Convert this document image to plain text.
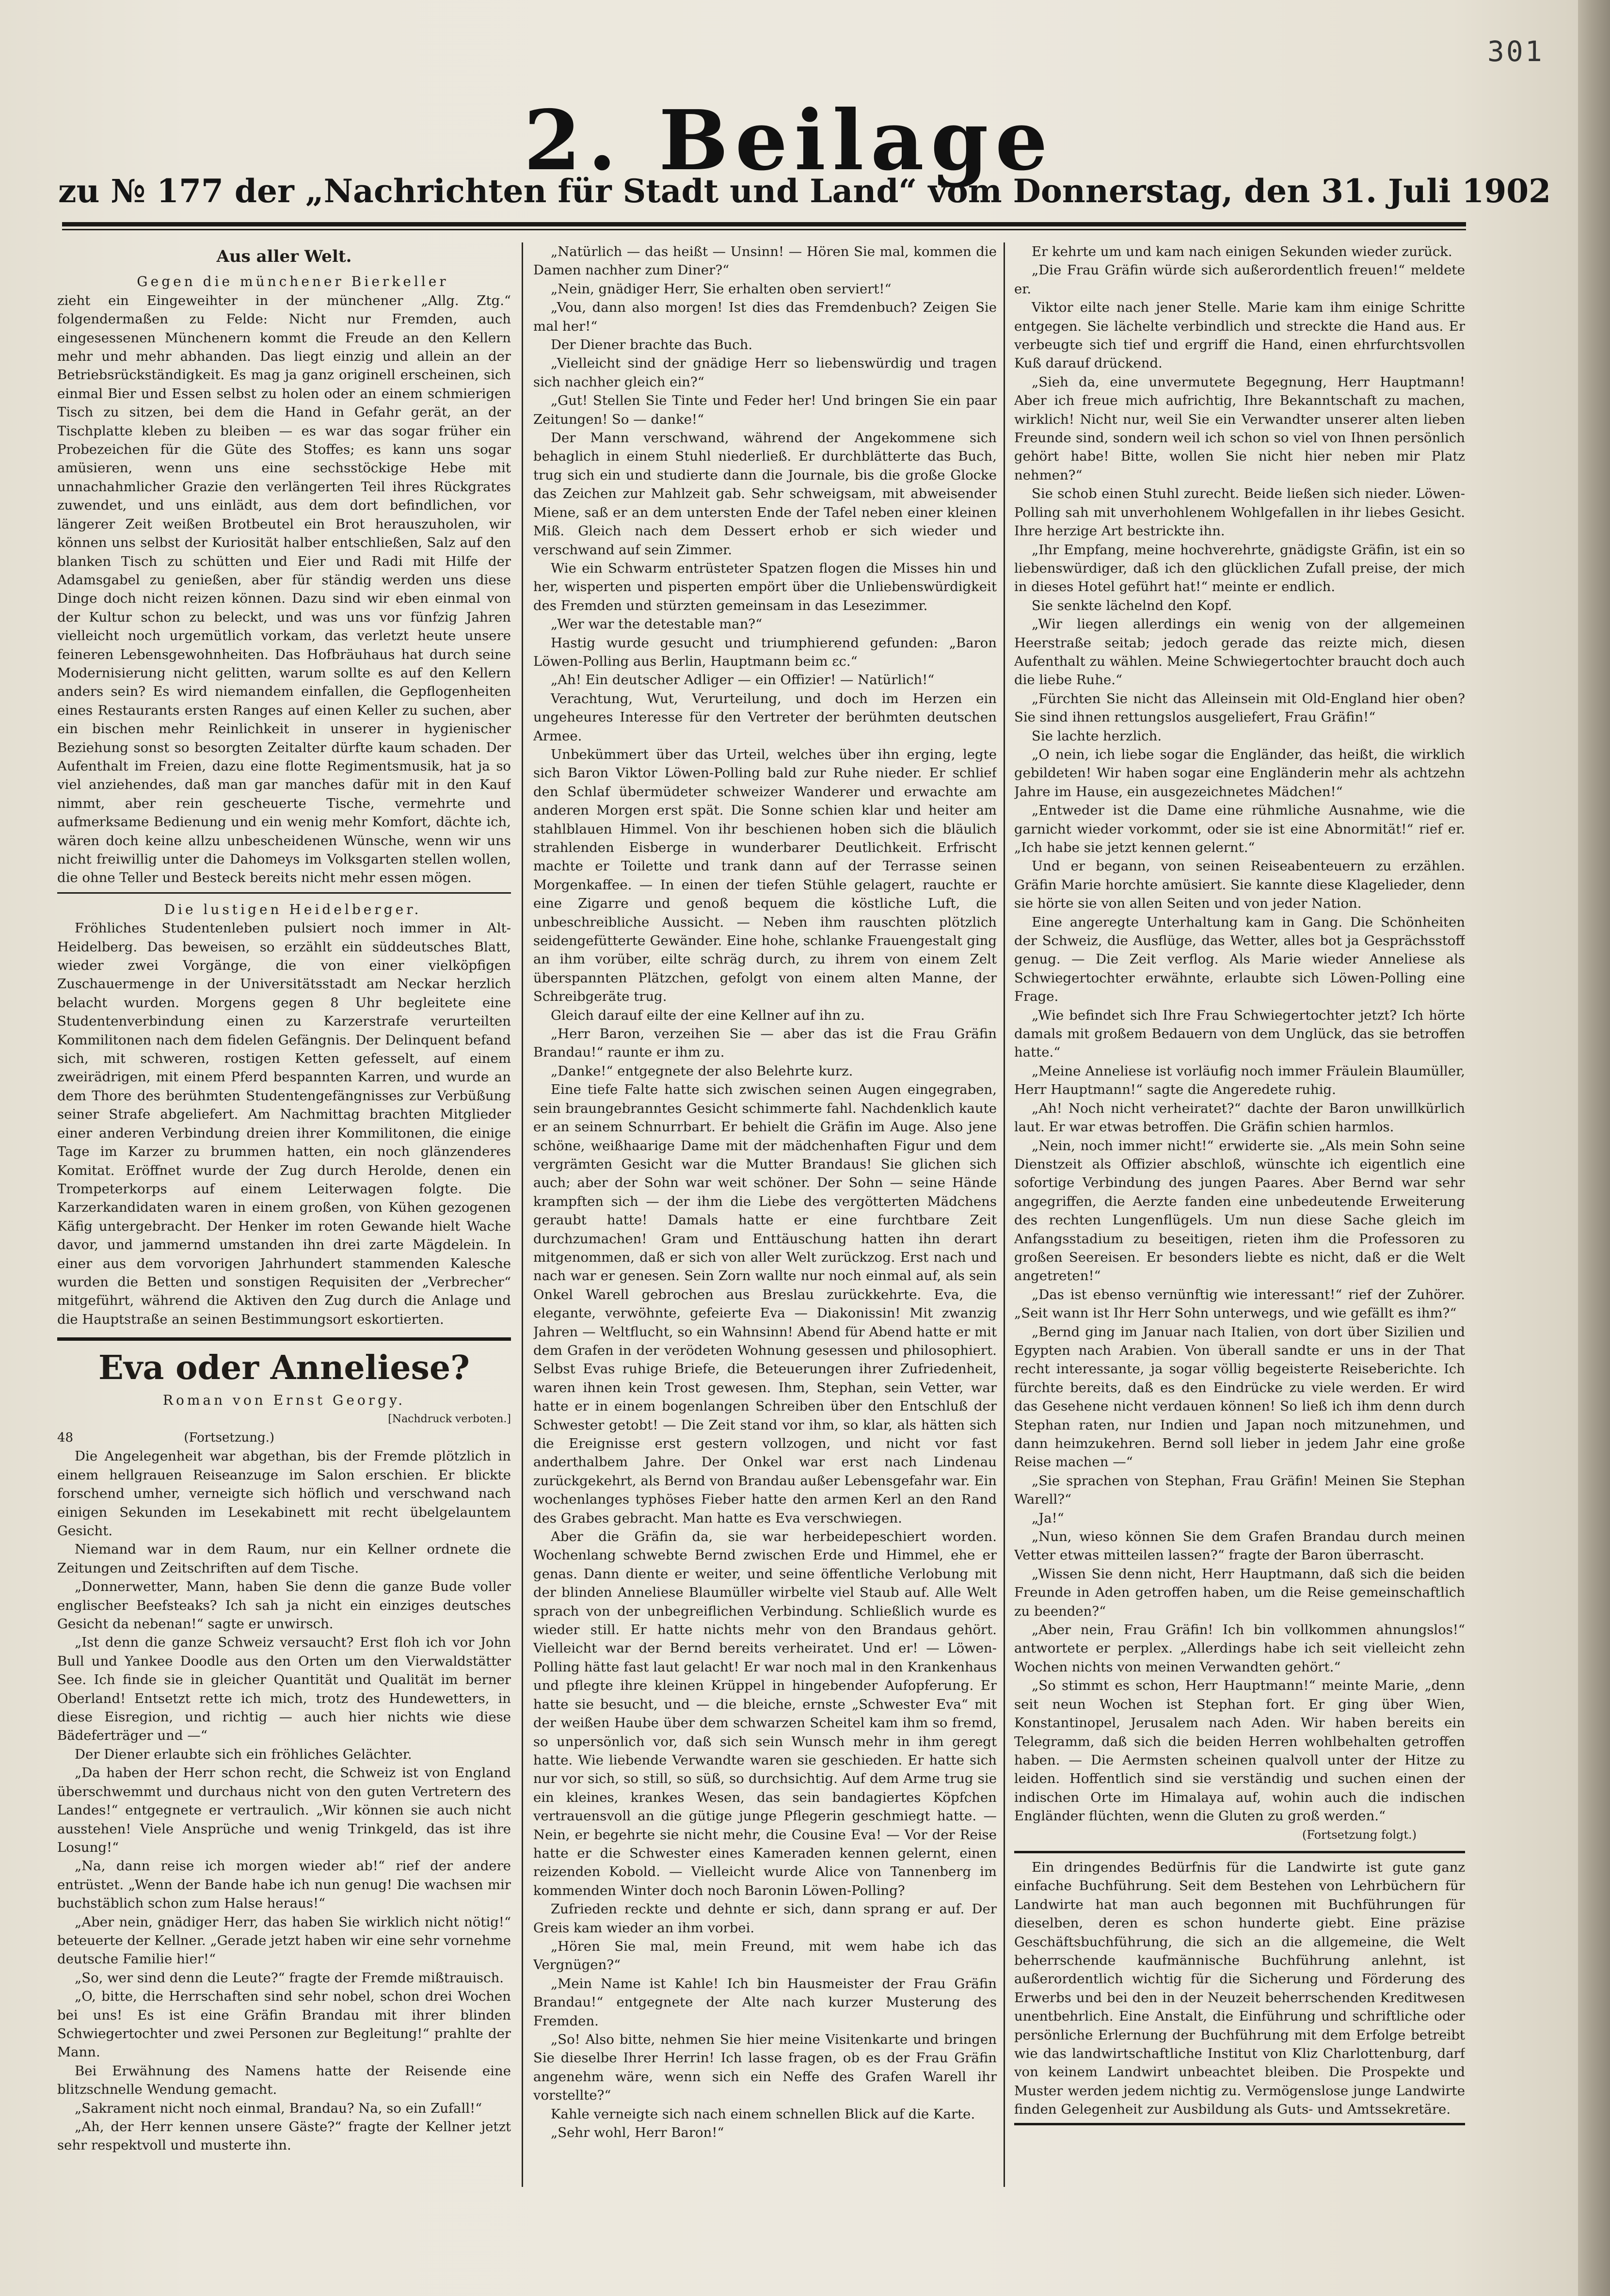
301
2. Beilage
zu № 177 der „Nachrichten für Stadt und Land“ vom Donnerstag, den 31. Juli 1902
Aus aller Welt.

Gegen die münchener Bierkeller

zieht ein Eingeweihter in der münchener „Allg. Ztg.“ folgendermaßen zu Felde: Nicht nur Fremden, auch eingesessenen Münchenern kommt die Freude an den Kellern mehr und mehr abhanden. Das liegt einzig und allein an der Betriebsrückständigkeit. Es mag ja ganz originell erscheinen, sich einmal Bier und Essen selbst zu holen oder an einem schmierigen Tisch zu sitzen, bei dem die Hand in Gefahr gerät, an der Tischplatte kleben zu bleiben — es war das sogar früher ein Probezeichen für die Güte des Stoffes; es kann uns sogar amüsieren, wenn uns eine sechsstöckige Hebe mit unnachahmlicher Grazie den verlängerten Teil ihres Rückgrates zuwendet, und uns einlädt, aus dem dort befindlichen, vor längerer Zeit weißen Brotbeutel ein Brot herauszuholen, wir können uns selbst der Kuriosität halber entschließen, Salz auf den blanken Tisch zu schütten und Eier und Radi mit Hilfe der Adamsgabel zu genießen, aber für ständig werden uns diese Dinge doch nicht reizen können. Dazu sind wir eben einmal von der Kultur schon zu beleckt, und was uns vor fünfzig Jahren vielleicht noch urgemütlich vorkam, das verletzt heute unsere feineren Lebensgewohnheiten. Das Hofbräuhaus hat durch seine Modernisierung nicht gelitten, warum sollte es auf den Kellern anders sein? Es wird niemandem einfallen, die Gepflogenheiten eines Restaurants ersten Ranges auf einen Keller zu suchen, aber ein bischen mehr Reinlichkeit in unserer in hygienischer Beziehung sonst so besorgten Zeitalter dürfte kaum schaden. Der Aufenthalt im Freien, dazu eine flotte Regimentsmusik, hat ja so viel anziehendes, daß man gar manches dafür mit in den Kauf nimmt, aber rein gescheuerte Tische, vermehrte und aufmerksame Bedienung und ein wenig mehr Komfort, dächte ich, wären doch keine allzu unbescheidenen Wünsche, wenn wir uns nicht freiwillig unter die Dahomeys im Volksgarten stellen wollen, die ohne Teller und Besteck bereits nicht mehr essen mögen.

Die lustigen Heidelberger.

Fröhliches Studentenleben pulsiert noch immer in Alt-Heidelberg. Das beweisen, so erzählt ein süddeutsches Blatt, wieder zwei Vorgänge, die von einer vielköpfigen Zuschauermenge in der Universitätsstadt am Neckar herzlich belacht wurden. Morgens gegen 8 Uhr begleitete eine Studentenverbindung einen zu Karzerstrafe verurteilten Kommilitonen nach dem fidelen Gefängnis. Der Delinquent befand sich, mit schweren, rostigen Ketten gefesselt, auf einem zweirädrigen, mit einem Pferd bespannten Karren, und wurde an dem Thore des berühmten Studentengefängnisses zur Verbüßung seiner Strafe abgeliefert. Am Nachmittag brachten Mitglieder einer anderen Verbindung dreien ihrer Kommilitonen, die einige Tage im Karzer zu brummen hatten, ein noch glänzenderes Komitat. Eröffnet wurde der Zug durch Herolde, denen ein Trompeterkorps auf einem Leiterwagen folgte. Die Karzerkandidaten waren in einem großen, von Kühen gezogenen Käfig untergebracht. Der Henker im roten Gewande hielt Wache davor, und jammernd umstanden ihn drei zarte Mägdelein. In einer aus dem vorvorigen Jahrhundert stammenden Kalesche wurden die Betten und sonstigen Requisiten der „Verbrecher“ mitgeführt, während die Aktiven den Zug durch die Anlage und die Hauptstraße an seinen Bestimmungsort eskortierten.

Eva oder Anneliese?
Roman von Ernst Georgy.
[Nachdruck verboten.]
48	(Fortsetzung.)

Die Angelegenheit war abgethan, bis der Fremde plötzlich in einem hellgrauen Reiseanzuge im Salon erschien. Er blickte forschend umher, verneigte sich höflich und verschwand nach einigen Sekunden im Lesekabinett mit recht übelgelauntem Gesicht.

Niemand war in dem Raum, nur ein Kellner ordnete die Zeitungen und Zeitschriften auf dem Tische.

„Donnerwetter, Mann, haben Sie denn die ganze Bude voller englischer Beefsteaks? Ich sah ja nicht ein einziges deutsches Gesicht da nebenan!“ sagte er unwirsch.

„Ist denn die ganze Schweiz versaucht? Erst floh ich vor John Bull und Yankee Doodle aus den Orten um den Vierwaldstätter See. Ich finde sie in gleicher Quantität und Qualität im berner Oberland! Entsetzt rette ich mich, trotz des Hundewetters, in diese Eisregion, und richtig — auch hier nichts wie diese Bädeferträger und —“

Der Diener erlaubte sich ein fröhliches Gelächter.

„Da haben der Herr schon recht, die Schweiz ist von England überschwemmt und durchaus nicht von den guten Vertretern des Landes!“ entgegnete er vertraulich. „Wir können sie auch nicht ausstehen! Viele Ansprüche und wenig Trinkgeld, das ist ihre Losung!“

„Na, dann reise ich morgen wieder ab!“ rief der andere entrüstet. „Wenn der Bande habe ich nun genug! Die wachsen mir buchstäblich schon zum Halse heraus!“

„Aber nein, gnädiger Herr, das haben Sie wirklich nicht nötig!“ beteuerte der Kellner. „Gerade jetzt haben wir eine sehr vornehme deutsche Familie hier!“

„So, wer sind denn die Leute?“ fragte der Fremde mißtrauisch.

„O, bitte, die Herrschaften sind sehr nobel, schon drei Wochen bei uns! Es ist eine Gräfin Brandau mit ihrer blinden Schwiegertochter und zwei Personen zur Begleitung!“ prahlte der Mann.

Bei Erwähnung des Namens hatte der Reisende eine blitzschnelle Wendung gemacht.

„Sakrament nicht noch einmal, Brandau? Na, so ein Zufall!“

„Ah, der Herr kennen unsere Gäste?“ fragte der Kellner jetzt sehr respektvoll und musterte ihn.

„Natürlich — das heißt — Unsinn! — Hören Sie mal, kommen die Damen nachher zum Diner?“

„Nein, gnädiger Herr, Sie erhalten oben serviert!“

„Vou, dann also morgen! Ist dies das Fremdenbuch? Zeigen Sie mal her!“

Der Diener brachte das Buch.

„Vielleicht sind der gnädige Herr so liebenswürdig und tragen sich nachher gleich ein?“

„Gut! Stellen Sie Tinte und Feder her! Und bringen Sie ein paar Zeitungen! So — danke!“

Der Mann verschwand, während der Angekommene sich behaglich in einem Stuhl niederließ. Er durchblätterte das Buch, trug sich ein und studierte dann die Journale, bis die große Glocke das Zeichen zur Mahlzeit gab. Sehr schweigsam, mit abweisender Miene, saß er an dem untersten Ende der Tafel neben einer kleinen Miß. Gleich nach dem Dessert erhob er sich wieder und verschwand auf sein Zimmer.

Wie ein Schwarm entrüsteter Spatzen flogen die Misses hin und her, wisperten und pisperten empört über die Unliebenswürdigkeit des Fremden und stürzten gemeinsam in das Lesezimmer.

„Wer war the detestable man?“

Hastig wurde gesucht und triumphierend gefunden: „Baron Löwen-Polling aus Berlin, Hauptmann beim ɛc.“

„Ah! Ein deutscher Adliger — ein Offizier! — Natürlich!“

Verachtung, Wut, Verurteilung, und doch im Herzen ein ungeheures Interesse für den Vertreter der berühmten deutschen Armee.

Unbekümmert über das Urteil, welches über ihn erging, legte sich Baron Viktor Löwen-Polling bald zur Ruhe nieder. Er schlief den Schlaf übermüdeter schweizer Wanderer und erwachte am anderen Morgen erst spät. Die Sonne schien klar und heiter am stahlblauen Himmel. Von ihr beschienen hoben sich die bläulich strahlenden Eisberge in wunderbarer Deutlichkeit. Erfrischt machte er Toilette und trank dann auf der Terrasse seinen Morgenkaffee. — In einen der tiefen Stühle gelagert, rauchte er eine Zigarre und genoß bequem die köstliche Luft, die unbeschreibliche Aussicht. — Neben ihm rauschten plötzlich seidengefütterte Gewänder. Eine hohe, schlanke Frauengestalt ging an ihm vorüber, eilte schräg durch, zu ihrem von einem Zelt überspannten Plätzchen, gefolgt von einem alten Manne, der Schreibgeräte trug.

Gleich darauf eilte der eine Kellner auf ihn zu.

„Herr Baron, verzeihen Sie — aber das ist die Frau Gräfin Brandau!“ raunte er ihm zu.

„Danke!“ entgegnete der also Belehrte kurz.

Eine tiefe Falte hatte sich zwischen seinen Augen eingegraben, sein braungebranntes Gesicht schimmerte fahl. Nachdenklich kaute er an seinem Schnurrbart. Er behielt die Gräfin im Auge. Also jene schöne, weißhaarige Dame mit der mädchenhaften Figur und dem vergrämten Gesicht war die Mutter Brandaus! Sie glichen sich auch; aber der Sohn war weit schöner. Der Sohn — seine Hände krampften sich — der ihm die Liebe des vergötterten Mädchens geraubt hatte! Damals hatte er eine furchtbare Zeit durchzumachen! Gram und Enttäuschung hatten ihn derart mitgenommen, daß er sich von aller Welt zurückzog. Erst nach und nach war er genesen. Sein Zorn wallte nur noch einmal auf, als sein Onkel Warell gebrochen aus Breslau zurückkehrte. Eva, die elegante, verwöhnte, gefeierte Eva — Diakonissin! Mit zwanzig Jahren — Weltflucht, so ein Wahnsinn! Abend für Abend hatte er mit dem Grafen in der verödeten Wohnung gesessen und philosophiert. Selbst Evas ruhige Briefe, die Beteuerungen ihrer Zufriedenheit, waren ihnen kein Trost gewesen. Ihm, Stephan, sein Vetter, war hatte er in einem bogenlangen Schreiben über den Entschluß der Schwester getobt! — Die Zeit stand vor ihm, so klar, als hätten sich die Ereignisse erst gestern vollzogen, und nicht vor fast anderthalbem Jahre. Der Onkel war erst nach Lindenau zurückgekehrt, als Bernd von Brandau außer Lebensgefahr war. Ein wochenlanges typhöses Fieber hatte den armen Kerl an den Rand des Grabes gebracht. Man hatte es Eva verschwiegen.

Aber die Gräfin da, sie war herbeidepeschiert worden. Wochenlang schwebte Bernd zwischen Erde und Himmel, ehe er genas. Dann diente er weiter, und seine öffentliche Verlobung mit der blinden Anneliese Blaumüller wirbelte viel Staub auf. Alle Welt sprach von der unbegreiflichen Verbindung. Schließlich wurde es wieder still. Er hatte nichts mehr von den Brandaus gehört. Vielleicht war der Bernd bereits verheiratet. Und er! — Löwen-Polling hätte fast laut gelacht! Er war noch mal in den Krankenhaus und pflegte ihre kleinen Krüppel in hingebender Aufopferung. Er hatte sie besucht, und — die bleiche, ernste „Schwester Eva“ mit der weißen Haube über dem schwarzen Scheitel kam ihm so fremd, so unpersönlich vor, daß sich sein Wunsch mehr in ihm geregt hatte. Wie liebende Verwandte waren sie geschieden. Er hatte sich nur vor sich, so still, so süß, so durchsichtig. Auf dem Arme trug sie ein kleines, krankes Wesen, das sein bandagiertes Köpfchen vertrauensvoll an die gütige junge Pflegerin geschmiegt hatte. — Nein, er begehrte sie nicht mehr, die Cousine Eva! — Vor der Reise hatte er die Schwester eines Kameraden kennen gelernt, einen reizenden Kobold. — Vielleicht wurde Alice von Tannenberg im kommenden Winter doch noch Baronin Löwen-Polling?

Zufrieden reckte und dehnte er sich, dann sprang er auf. Der Greis kam wieder an ihm vorbei.

„Hören Sie mal, mein Freund, mit wem habe ich das Vergnügen?“

„Mein Name ist Kahle! Ich bin Hausmeister der Frau Gräfin Brandau!“ entgegnete der Alte nach kurzer Musterung des Fremden.

„So! Also bitte, nehmen Sie hier meine Visitenkarte und bringen Sie dieselbe Ihrer Herrin! Ich lasse fragen, ob es der Frau Gräfin angenehm wäre, wenn sich ein Neffe des Grafen Warell ihr vorstellte?“

Kahle verneigte sich nach einem schnellen Blick auf die Karte.

„Sehr wohl, Herr Baron!“

Er kehrte um und kam nach einigen Sekunden wieder zurück.

„Die Frau Gräfin würde sich außerordentlich freuen!“ meldete er.

Viktor eilte nach jener Stelle. Marie kam ihm einige Schritte entgegen. Sie lächelte verbindlich und streckte die Hand aus. Er verbeugte sich tief und ergriff die Hand, einen ehrfurchtsvollen Kuß darauf drückend.

„Sieh da, eine unvermutete Begegnung, Herr Hauptmann! Aber ich freue mich aufrichtig, Ihre Bekanntschaft zu machen, wirklich! Nicht nur, weil Sie ein Verwandter unserer alten lieben Freunde sind, sondern weil ich schon so viel von Ihnen persönlich gehört habe! Bitte, wollen Sie nicht hier neben mir Platz nehmen?“

Sie schob einen Stuhl zurecht. Beide ließen sich nieder. Löwen-Polling sah mit unverhohlenem Wohlgefallen in ihr liebes Gesicht. Ihre herzige Art bestrickte ihn.

„Ihr Empfang, meine hochverehrte, gnädigste Gräfin, ist ein so liebenswürdiger, daß ich den glücklichen Zufall preise, der mich in dieses Hotel geführt hat!“ meinte er endlich.

Sie senkte lächelnd den Kopf.

„Wir liegen allerdings ein wenig von der allgemeinen Heerstraße seitab; jedoch gerade das reizte mich, diesen Aufenthalt zu wählen. Meine Schwiegertochter braucht doch auch die liebe Ruhe.“

„Fürchten Sie nicht das Alleinsein mit Old-England hier oben? Sie sind ihnen rettungslos ausgeliefert, Frau Gräfin!“

Sie lachte herzlich.

„O nein, ich liebe sogar die Engländer, das heißt, die wirklich gebildeten! Wir haben sogar eine Engländerin mehr als achtzehn Jahre im Hause, ein ausgezeichnetes Mädchen!“

„Entweder ist die Dame eine rühmliche Ausnahme, wie die garnicht wieder vorkommt, oder sie ist eine Abnormität!“ rief er. „Ich habe sie jetzt kennen gelernt.“

Und er begann, von seinen Reiseabenteuern zu erzählen. Gräfin Marie horchte amüsiert. Sie kannte diese Klagelieder, denn sie hörte sie von allen Seiten und von jeder Nation.

Eine angeregte Unterhaltung kam in Gang. Die Schönheiten der Schweiz, die Ausflüge, das Wetter, alles bot ja Gesprächsstoff genug. — Die Zeit verflog. Als Marie wieder Anneliese als Schwiegertochter erwähnte, erlaubte sich Löwen-Polling eine Frage.

„Wie befindet sich Ihre Frau Schwiegertochter jetzt? Ich hörte damals mit großem Bedauern von dem Unglück, das sie betroffen hatte.“

„Meine Anneliese ist vorläufig noch immer Fräulein Blaumüller, Herr Hauptmann!“ sagte die Angeredete ruhig.

„Ah! Noch nicht verheiratet?“ dachte der Baron unwillkürlich laut. Er war etwas betroffen. Die Gräfin schien harmlos.

„Nein, noch immer nicht!“ erwiderte sie. „Als mein Sohn seine Dienstzeit als Offizier abschloß, wünschte ich eigentlich eine sofortige Verbindung des jungen Paares. Aber Bernd war sehr angegriffen, die Aerzte fanden eine unbedeutende Erweiterung des rechten Lungenflügels. Um nun diese Sache gleich im Anfangsstadium zu beseitigen, rieten ihm die Professoren zu großen Seereisen. Er besonders liebte es nicht, daß er die Welt angetreten!“

„Das ist ebenso vernünftig wie interessant!“ rief der Zuhörer. „Seit wann ist Ihr Herr Sohn unterwegs, und wie gefällt es ihm?“

„Bernd ging im Januar nach Italien, von dort über Sizilien und Egypten nach Arabien. Von überall sandte er uns in der That recht interessante, ja sogar völlig begeisterte Reiseberichte. Ich fürchte bereits, daß es den Eindrücke zu viele werden. Er wird das Gesehene nicht verdauen können! So ließ ich ihm denn durch Stephan raten, nur Indien und Japan noch mitzunehmen, und dann heimzukehren. Bernd soll lieber in jedem Jahr eine große Reise machen —“

„Sie sprachen von Stephan, Frau Gräfin! Meinen Sie Stephan Warell?“

„Ja!“

„Nun, wieso können Sie dem Grafen Brandau durch meinen Vetter etwas mitteilen lassen?“ fragte der Baron überrascht.

„Wissen Sie denn nicht, Herr Hauptmann, daß sich die beiden Freunde in Aden getroffen haben, um die Reise gemeinschaftlich zu beenden?“

„Aber nein, Frau Gräfin! Ich bin vollkommen ahnungslos!“ antwortete er perplex. „Allerdings habe ich seit vielleicht zehn Wochen nichts von meinen Verwandten gehört.“

„So stimmt es schon, Herr Hauptmann!“ meinte Marie, „denn seit neun Wochen ist Stephan fort. Er ging über Wien, Konstantinopel, Jerusalem nach Aden. Wir haben bereits ein Telegramm, daß sich die beiden Herren wohlbehalten getroffen haben. — Die Aermsten scheinen qualvoll unter der Hitze zu leiden. Hoffentlich sind sie verständig und suchen einen der indischen Orte im Himalaya auf, wohin auch die indischen Engländer flüchten, wenn die Gluten zu groß werden.“

(Fortsetzung folgt.)

Ein dringendes Bedürfnis für die Landwirte ist gute ganz einfache Buchführung. Seit dem Bestehen von Lehrbüchern für Landwirte hat man auch begonnen mit Buchführungen für dieselben, deren es schon hunderte giebt. Eine präzise Geschäftsbuchführung, die sich an die allgemeine, die Welt beherrschende kaufmännische Buchführung anlehnt, ist außerordentlich wichtig für die Sicherung und Förderung des Erwerbs und bei den in der Neuzeit beherrschenden Kreditwesen unentbehrlich. Eine Anstalt, die Einführung und schriftliche oder persönliche Erlernung der Buchführung mit dem Erfolge betreibt wie das landwirtschaftliche Institut von Kliz Charlottenburg, darf von keinem Landwirt unbeachtet bleiben. Die Prospekte und Muster werden jedem nichtig zu. Vermögenslose junge Landwirte finden Gelegenheit zur Ausbildung als Guts- und Amtssekretäre.
